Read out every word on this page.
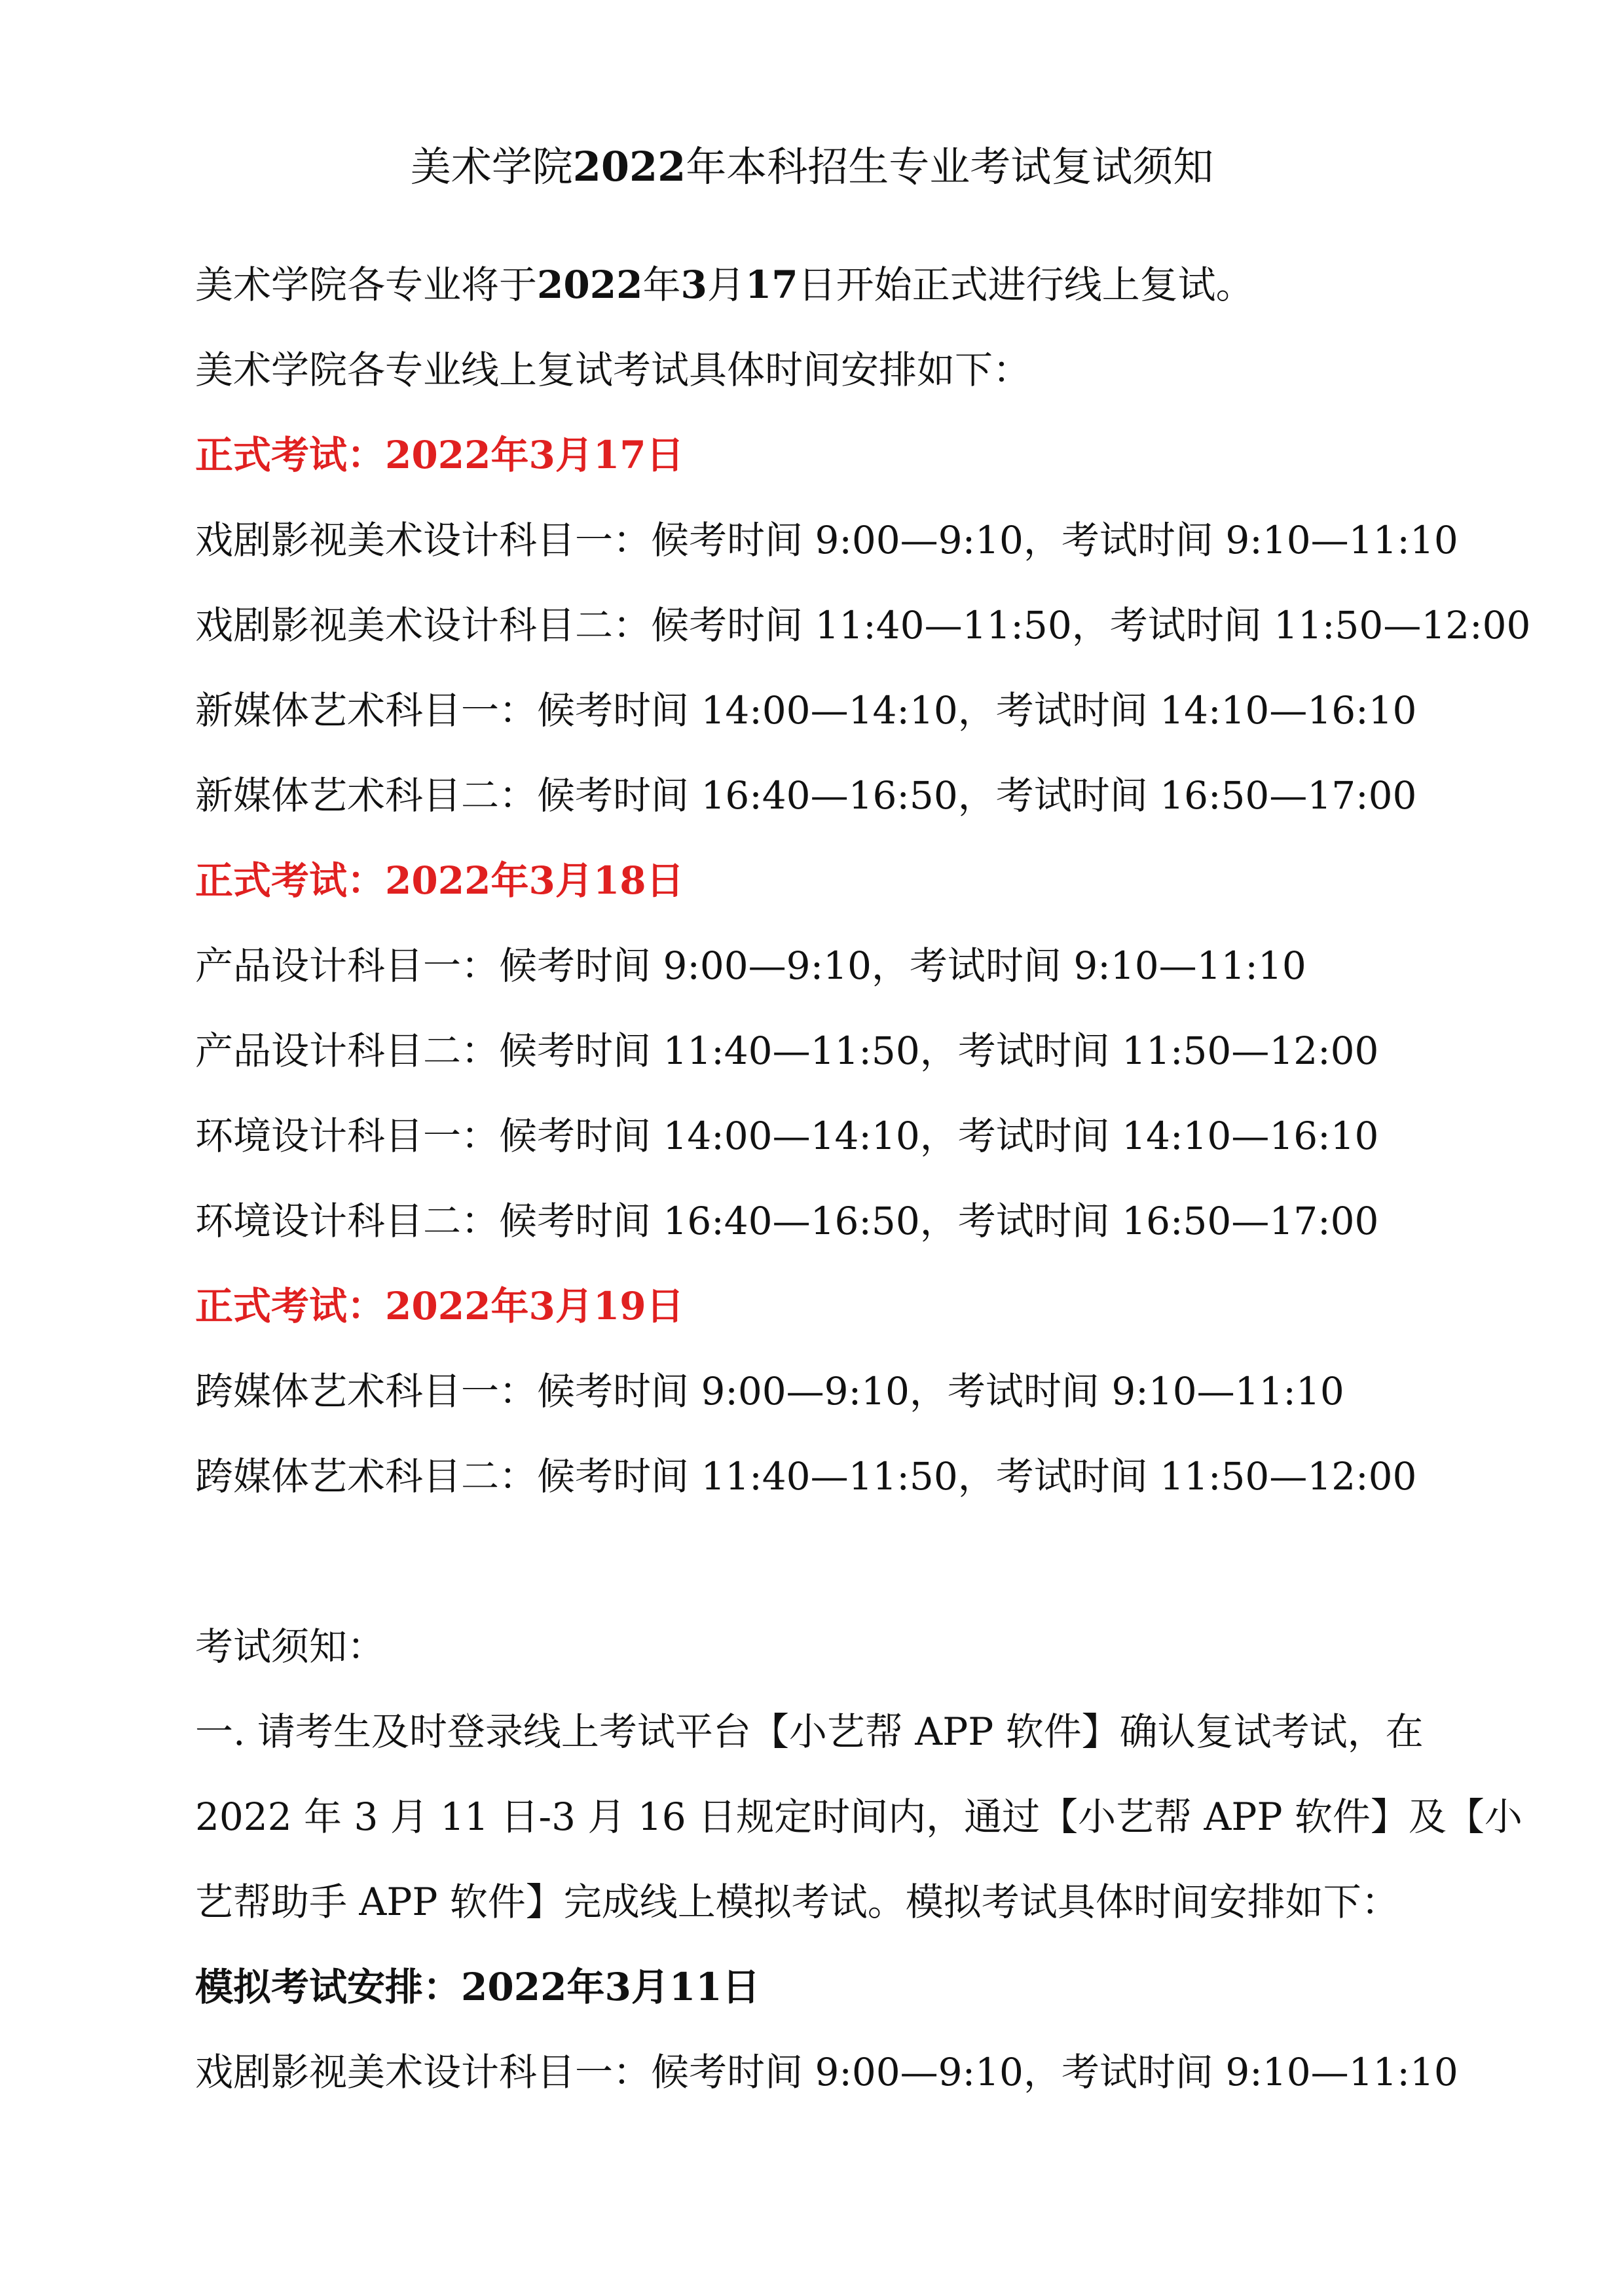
美术学院2022年本科招生专业考试复试须知
美术学院各专业将于2022年3月17日开始正式进行线上复试。
美术学院各专业线上复试考试具体时间安排如下：
正式考试：2022年3月17日
戏剧影视美术设计科目一：候考时间 9:00—9:10，考试时间 9:10—11:10
戏剧影视美术设计科目二：候考时间 11:40—11:50，考试时间 11:50—12:00
新媒体艺术科目一：候考时间 14:00—14:10，考试时间 14:10—16:10
新媒体艺术科目二：候考时间 16:40—16:50，考试时间 16:50—17:00
正式考试：2022年3月18日
产品设计科目一：候考时间 9:00—9:10，考试时间 9:10—11:10
产品设计科目二：候考时间 11:40—11:50，考试时间 11:50—12:00
环境设计科目一：候考时间 14:00—14:10，考试时间 14:10—16:10
环境设计科目二：候考时间 16:40—16:50，考试时间 16:50—17:00
正式考试：2022年3月19日
跨媒体艺术科目一：候考时间 9:00—9:10，考试时间 9:10—11:10
跨媒体艺术科目二：候考时间 11:40—11:50，考试时间 11:50—12:00
考试须知：
一. 请考生及时登录线上考试平台【小艺帮 APP 软件】确认复试考试，在
2022 年 3 月 11 日-3 月 16 日规定时间内，通过【小艺帮 APP 软件】及【小
艺帮助手 APP 软件】完成线上模拟考试。模拟考试具体时间安排如下：
模拟考试安排：2022年3月11日
戏剧影视美术设计科目一：候考时间 9:00—9:10，考试时间 9:10—11:10
